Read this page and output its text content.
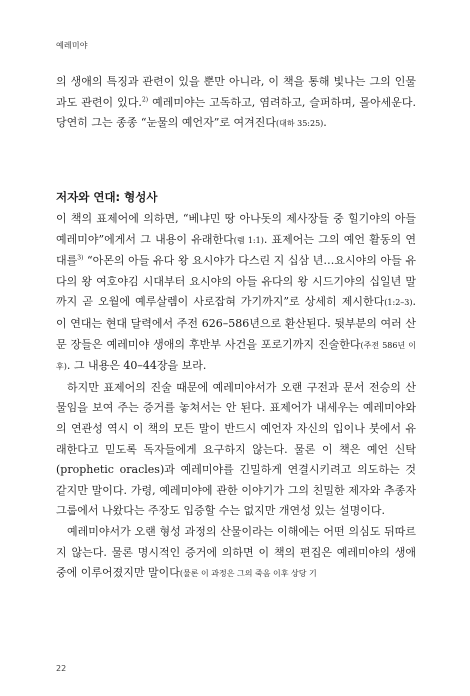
예레미야

의 생애의 특징과 관련이 있을 뿐만 아니라, 이 책을 통해 빛나는 그의 인물과도 관련이 있다.$^{2)}$ 예레미야는 고독하고, 염려하고, 슬퍼하며, 몰아세운다. 당연히 그는 종종 “눈물의 예언자”로 여겨진다(대하 35:25).

저자와 연대: 형성사

이 책의 표제어에 의하면, “베냐민 땅 아나돗의 제사장들 중 힐기야의 아들 예레미야”에게서 그 내용이 유래한다(렘 1:1). 표제어는 그의 예언 활동의 연대를$^{3)}$ “아몬의 아들 유다 왕 요시야가 다스린 지 십삼 년…요시야의 아들 유다의 왕 여호야김 시대부터 요시야의 아들 유다의 왕 시드기야의 십일년 말까지 곧 오월에 예루살렘이 사로잡혀 가기까지”로 상세히 제시한다(1:2–3). 이 연대는 현대 달력에서 주전 626–586년으로 환산된다. 뒷부분의 여러 산문 장들은 예레미야 생애의 후반부 사건을 포로기까지 진술한다(주전 586년 이후). 그 내용은 40–44장을 보라.

하지만 표제어의 진술 때문에 예레미야서가 오랜 구전과 문서 전승의 산물임을 보여 주는 증거를 놓쳐서는 안 된다. 표제어가 내세우는 예레미야와의 연관성 역시 이 책의 모든 말이 반드시 예언자 자신의 입이나 붓에서 유래한다고 믿도록 독자들에게 요구하지 않는다. 물론 이 책은 예언 신탁(prophetic oracles)과 예레미야를 긴밀하게 연결시키려고 의도하는 것 같지만 말이다. 가령, 예레미야에 관한 이야기가 그의 친밀한 제자와 추종자 그룹에서 나왔다는 주장도 입증할 수는 없지만 개연성 있는 설명이다.

예레미야서가 오랜 형성 과정의 산물이라는 이해에는 어떤 의심도 뒤따르지 않는다. 물론 명시적인 증거에 의하면 이 책의 편집은 예레미야의 생애 중에 이루어졌지만 말이다(물론 이 과정은 그의 죽음 이후 상당 기

22
